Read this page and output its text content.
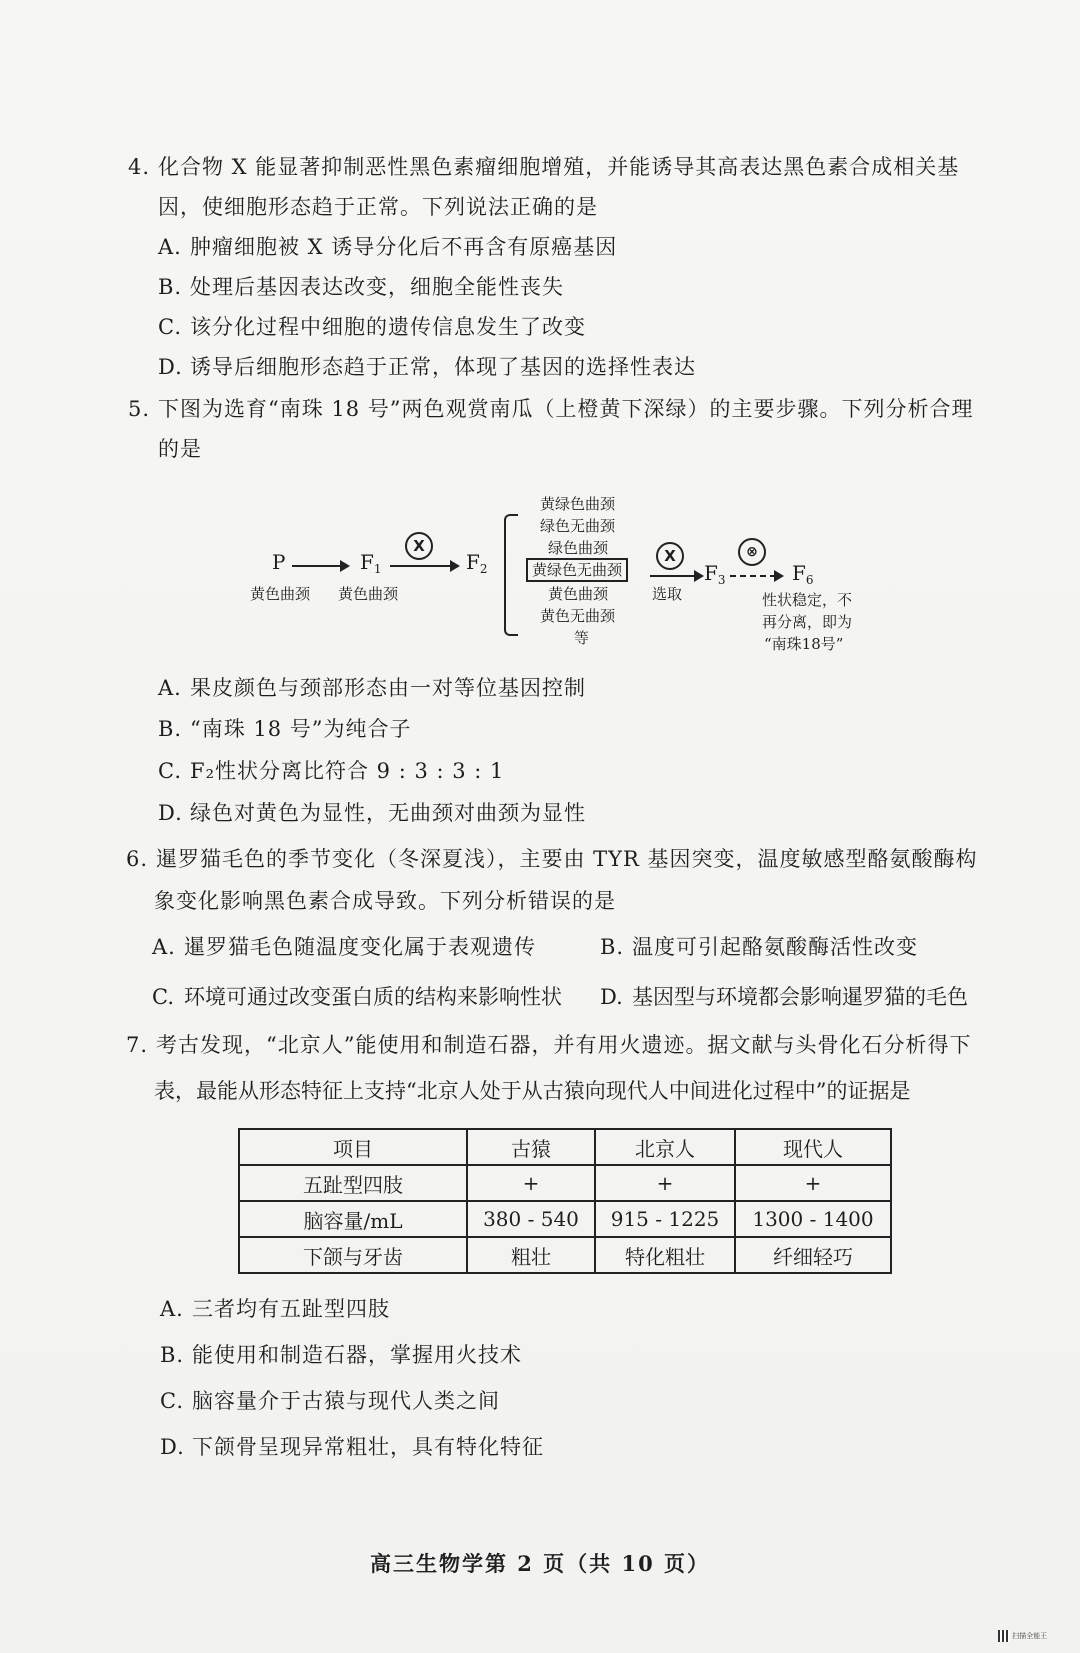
4. 化合物 X 能显著抑制恶性黑色素瘤细胞增殖，并能诱导其高表达黑色素合成相关基
因，使细胞形态趋于正常。下列说法正确的是
A. 肿瘤细胞被 X 诱导分化后不再含有原癌基因
B. 处理后基因表达改变，细胞全能性丧失
C. 该分化过程中细胞的遗传信息发生了改变
D. 诱导后细胞形态趋于正常，体现了基因的选择性表达
5. 下图为选育“南珠 18 号”两色观赏南瓜（上橙黄下深绿）的主要步骤。下列分析合理
的是
P	$F_1$
X
$F_2$
黄色曲颈 黄色曲颈
黄绿色曲颈
绿色无曲颈
绿色曲颈
黄绿色无曲颈
黄色曲颈
黄色无曲颈
等
X
选取
$F_3$
⊗
$F_6$
性状稳定，不
再分离，即为
“南珠18号”
A. 果皮颜色与颈部形态由一对等位基因控制
B. “南珠 18 号”为纯合子
C. F₂性状分离比符合 9 : 3 : 3 : 1
D. 绿色对黄色为显性，无曲颈对曲颈为显性
6. 暹罗猫毛色的季节变化（冬深夏浅），主要由 TYR 基因突变，温度敏感型酪氨酸酶构
象变化影响黑色素合成导致。下列分析错误的是
A. 暹罗猫毛色随温度变化属于表观遗传	B. 温度可引起酪氨酸酶活性改变
C. 环境可通过改变蛋白质的结构来影响性状 D. 基因型与环境都会影响暹罗猫的毛色
7. 考古发现，“北京人”能使用和制造石器，并有用火遗迹。据文献与头骨化石分析得下
表，最能从形态特征上支持“北京人处于从古猿向现代人中间进化过程中”的证据是
项目	古猿	北京人	现代人
五趾型四肢	+	+	+
脑容量/mL	380 - 540	915 - 1225	1300 - 1400
下颌与牙齿	粗壮	特化粗壮	纤细轻巧
A. 三者均有五趾型四肢
B. 能使用和制造石器，掌握用火技术
C. 脑容量介于古猿与现代人类之间
D. 下颌骨呈现异常粗壮，具有特化特征
高三生物学第 2 页（共 10 页）
扫描全能王
